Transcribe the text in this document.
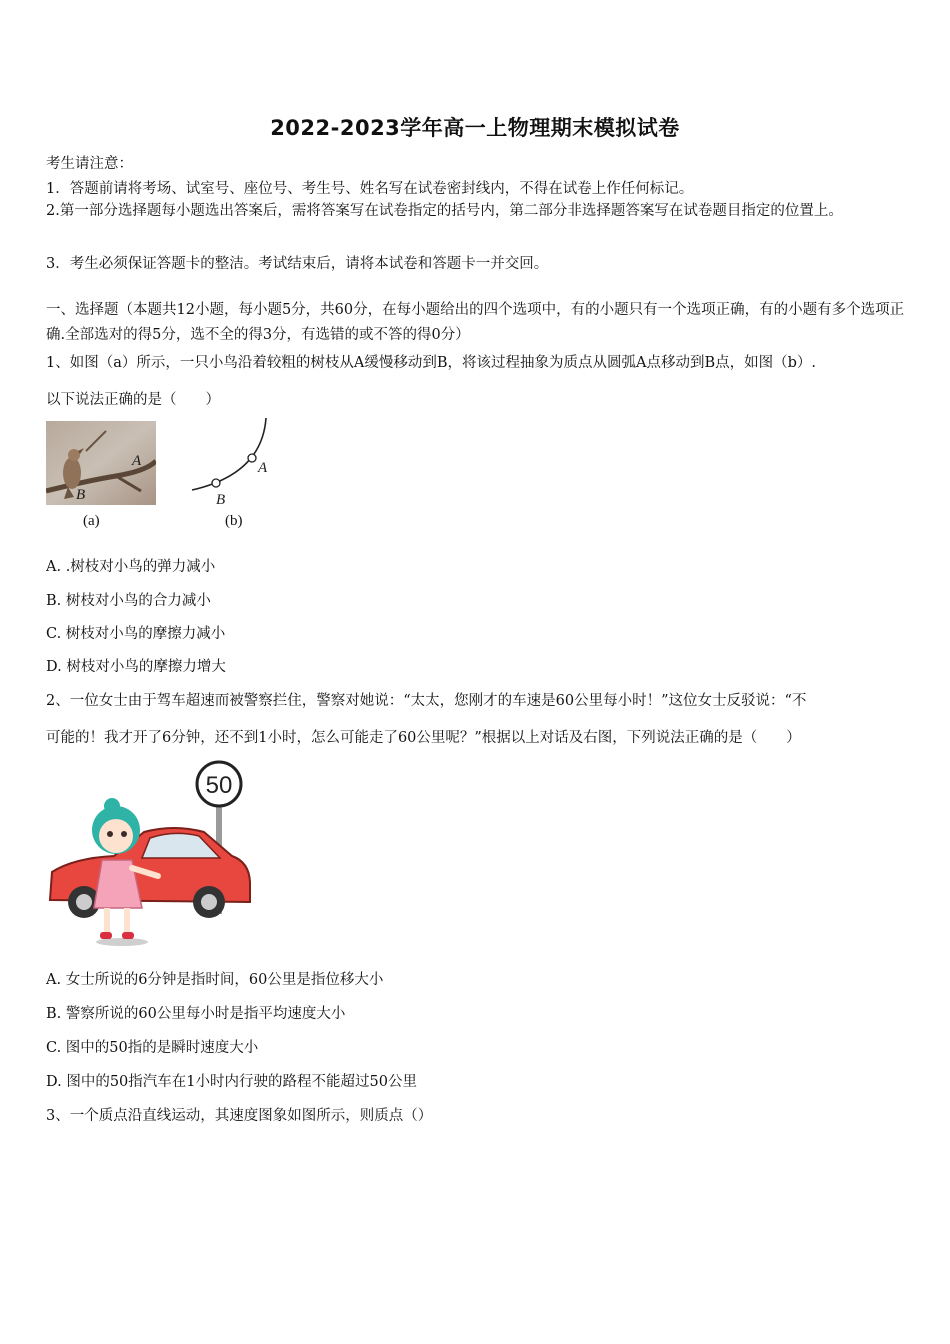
2022-2023学年高一上物理期末模拟试卷
考生请注意：
1．答题前请将考场、试室号、座位号、考生号、姓名写在试卷密封线内，不得在试卷上作任何标记。
2.第一部分选择题每小题选出答案后，需将答案写在试卷指定的括号内，第二部分非选择题答案写在试卷题目指定的位置上。
3．考生必须保证答题卡的整洁。考试结束后，请将本试卷和答题卡一并交回。
一、选择题（本题共12小题，每小题5分，共60分，在每小题给出的四个选项中，有的小题只有一个选项正确，有的小题有多个选项正确.全部选对的得5分，选不全的得3分，有选错的或不答的得0分）
1、如图（a）所示，一只小鸟沿着较粗的树枝从A缓慢移动到B，将该过程抽象为质点从圆弧A点移动到B点，如图（b）.
以下说法正确的是（　　）
A
B
(a)
A
B
(b)
A. .树枝对小鸟的弹力减小
B. 树枝对小鸟的合力减小
C. 树枝对小鸟的摩擦力减小
D. 树枝对小鸟的摩擦力增大
2、一位女士由于驾车超速而被警察拦住，警察对她说：“太太，您刚才的车速是60公里每小时！”这位女士反驳说：“不
可能的！我才开了6分钟，还不到1小时，怎么可能走了60公里呢？”根据以上对话及右图，下列说法正确的是（　　）
50
A. 女士所说的6分钟是指时间，60公里是指位移大小
B. 警察所说的60公里每小时是指平均速度大小
C. 图中的50指的是瞬时速度大小
D. 图中的50指汽车在1小时内行驶的路程不能超过50公里
3、一个质点沿直线运动，其速度图象如图所示，则质点（）
